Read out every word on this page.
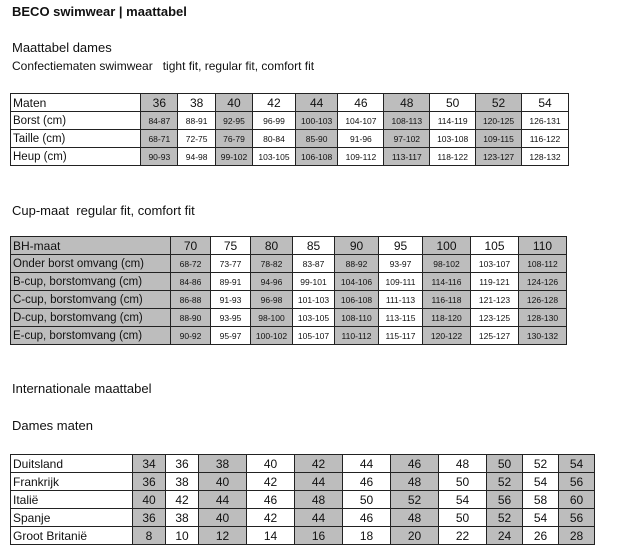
BECO swimwear | maattabel
Maattabel dames
Confectiematen swimwear   tight fit, regular fit, comfort fit
Maten	36	38	40	42	44	46	48	50	52	54
Borst (cm)	84-87	88-91	92-95	96-99	100-103	104-107	108-113	114-119	120-125	126-131
Taille (cm)	68-71	72-75	76-79	80-84	85-90	91-96	97-102	103-108	109-115	116-122
Heup (cm)	90-93	94-98	99-102	103-105	106-108	109-112	113-117	118-122	123-127	128-132
Cup-maat  regular fit, comfort fit
BH-maat	70	75	80	85	90	95	100	105	110
Onder borst omvang (cm)	68-72	73-77	78-82	83-87	88-92	93-97	98-102	103-107	108-112
B-cup, borstomvang (cm)	84-86	89-91	94-96	99-101	104-106	109-111	114-116	119-121	124-126
C-cup, borstomvang (cm)	86-88	91-93	96-98	101-103	106-108	111-113	116-118	121-123	126-128
D-cup, borstomvang (cm)	88-90	93-95	98-100	103-105	108-110	113-115	118-120	123-125	128-130
E-cup, borstomvang (cm)	90-92	95-97	100-102	105-107	110-112	115-117	120-122	125-127	130-132
Internationale maattabel
Dames maten
Duitsland	34	36	38	40	42	44	46	48	50	52	54
Frankrijk	36	38	40	42	44	46	48	50	52	54	56
Italië	40	42	44	46	48	50	52	54	56	58	60
Spanje	36	38	40	42	44	46	48	50	52	54	56
Groot Britanië	8	10	12	14	16	18	20	22	24	26	28
